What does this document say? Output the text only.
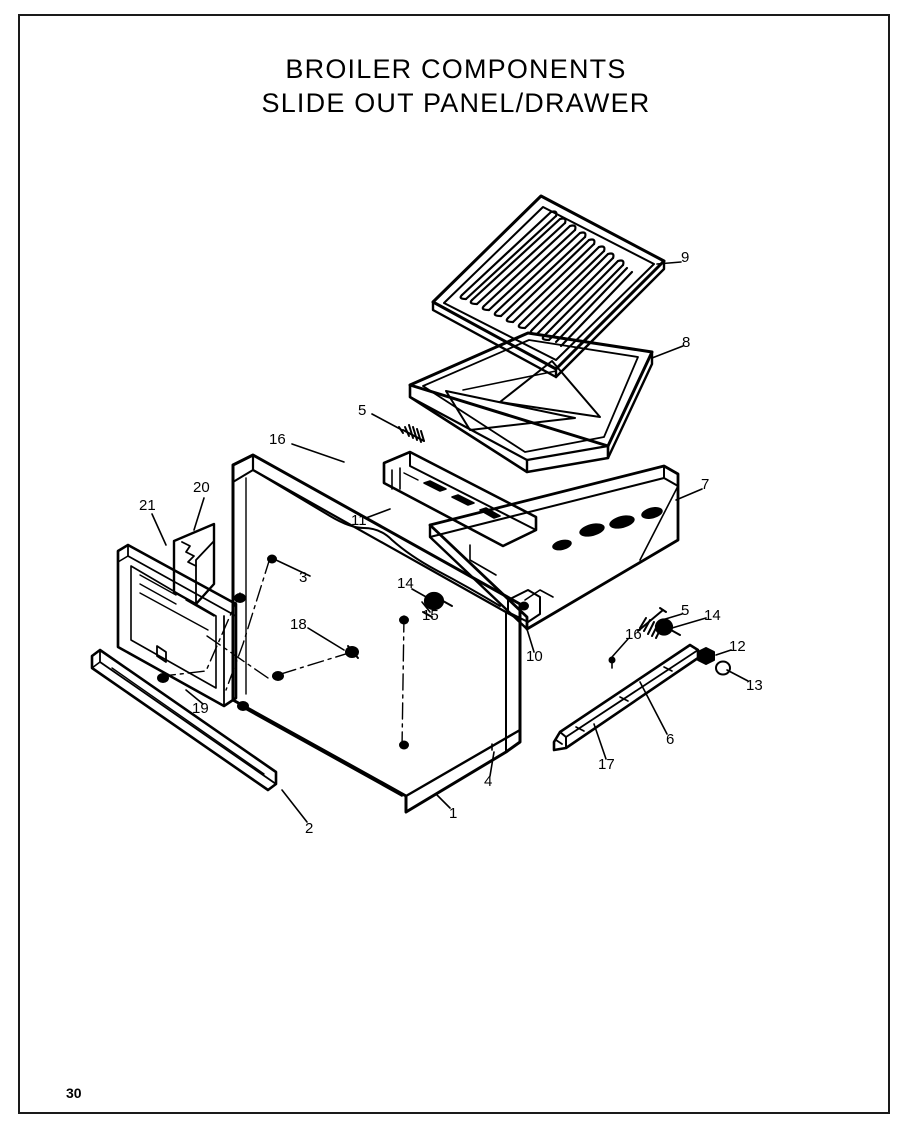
BROILER COMPONENTS
SLIDE OUT PANEL/DRAWER
9
8
5
16
20
21
7
11
3	14
5
15	14
18
16
12
10
13
6
19
17
4
1
2
30
